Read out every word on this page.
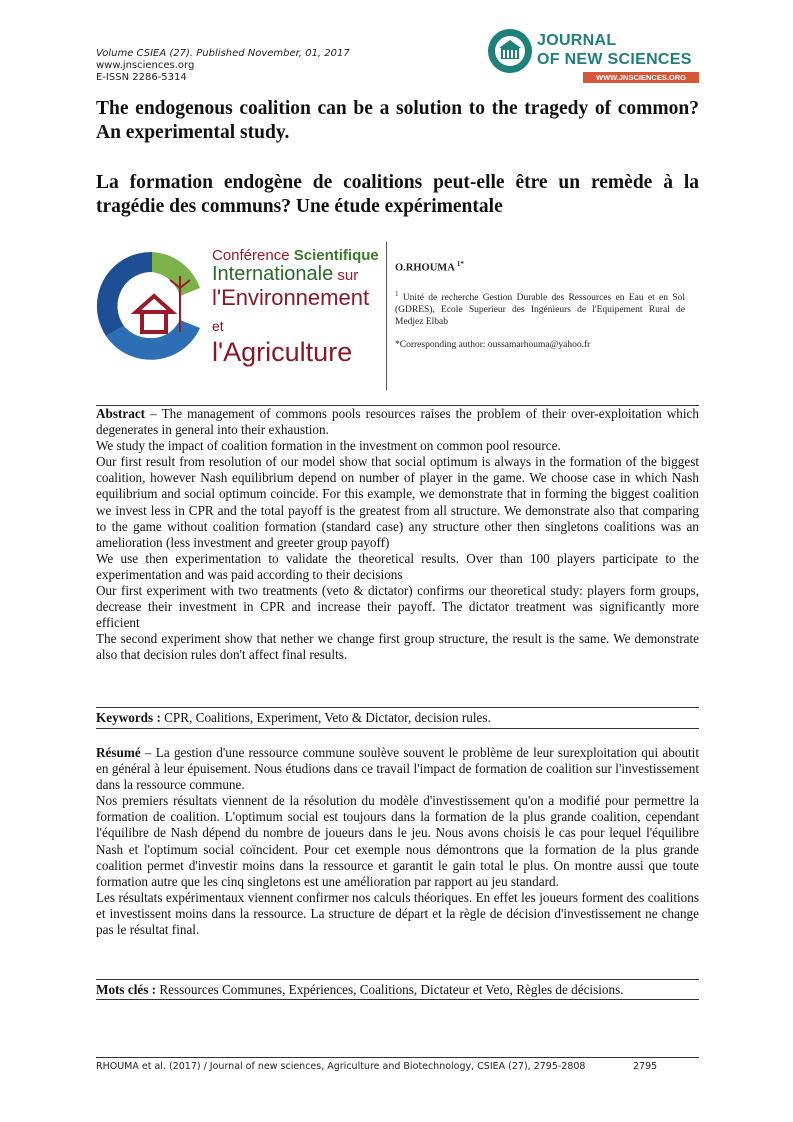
Volume CSIEA (27). Published November, 01, 2017
www.jnsciences.org
E-ISSN 2286-5314
JOURNAL
OF NEW SCIENCES
WWW.JNSCIENCES.ORG
The endogenous coalition can be a solution to the tragedy of common? An experimental study.
La formation endogène de coalitions peut-elle être un remède à la tragédie des communs? Une étude expérimentale
Conférence Scientifique
Internationale sur
l'Environnement et
l'Agriculture
O.RHOUMA $^{1*}$
$^1$ Unité de recherche Gestion Durable des Ressources en Eau et en Sol (GDRES), Ecole Superieur des Ingénieurs de l'Equipement Rural de Medjez Elbab
*Corresponding author: oussamarhouma@yahoo.fr

Abstract – The management of commons pools resources raises the problem of their over-exploitation which degenerates in general into their exhaustion.

We study the impact of coalition formation in the investment on common pool resource.

Our first result from resolution of our model show that social optimum is always in the formation of the biggest coalition, however Nash equilibrium depend on number of player in the game. We choose case in which Nash equilibrium and social optimum coincide. For this example, we demonstrate that in forming the biggest coalition we invest less in CPR and the total payoff is the greatest from all structure. We demonstrate also that comparing to the game without coalition formation (standard case) any structure other then singletons coalitions was an amelioration (less investment and greeter group payoff)

We use then experimentation to validate the theoretical results. Over than 100 players participate to the experimentation and was paid according to their decisions

Our first experiment with two treatments (veto & dictator) confirms our theoretical study: players form groups, decrease their investment in CPR and increase their payoff. The dictator treatment was significantly more efficient

The second experiment show that nether we change first group structure, the result is the same. We demonstrate also that decision rules don't affect final results.

Keywords : CPR, Coalitions, Experiment, Veto & Dictator, decision rules.

Résumé – La gestion d'une ressource commune soulève souvent le problème de leur surexploitation qui aboutit en général à leur épuisement. Nous étudions dans ce travail l'impact de formation de coalition sur l'investissement dans la ressource commune.

Nos premiers résultats viennent de la résolution du modèle d'investissement qu'on a modifié pour permettre la formation de coalition. L'optimum social est toujours dans la formation de la plus grande coalition, cependant l'équilibre de Nash dépend du nombre de joueurs dans le jeu. Nous avons choisis le cas pour lequel l'équilibre Nash et l'optimum social coïncident. Pour cet exemple nous démontrons que la formation de la plus grande coalition permet d'investir moins dans la ressource et garantit le gain total le plus. On montre aussi que toute formation autre que les cinq singletons est une amélioration par rapport au jeu standard.

Les résultats expérimentaux viennent confirmer nos calculs théoriques. En effet les joueurs forment des coalitions et investissent moins dans la ressource. La structure de départ et la règle de décision d'investissement ne change pas le résultat final.

Mots clés : Ressources Communes, Expériences, Coalitions, Dictateur et Veto, Règles de décisions.
RHOUMA et al. (2017) / Journal of new sciences, Agriculture and Biotechnology, CSIEA (27), 2795-2808	2795
